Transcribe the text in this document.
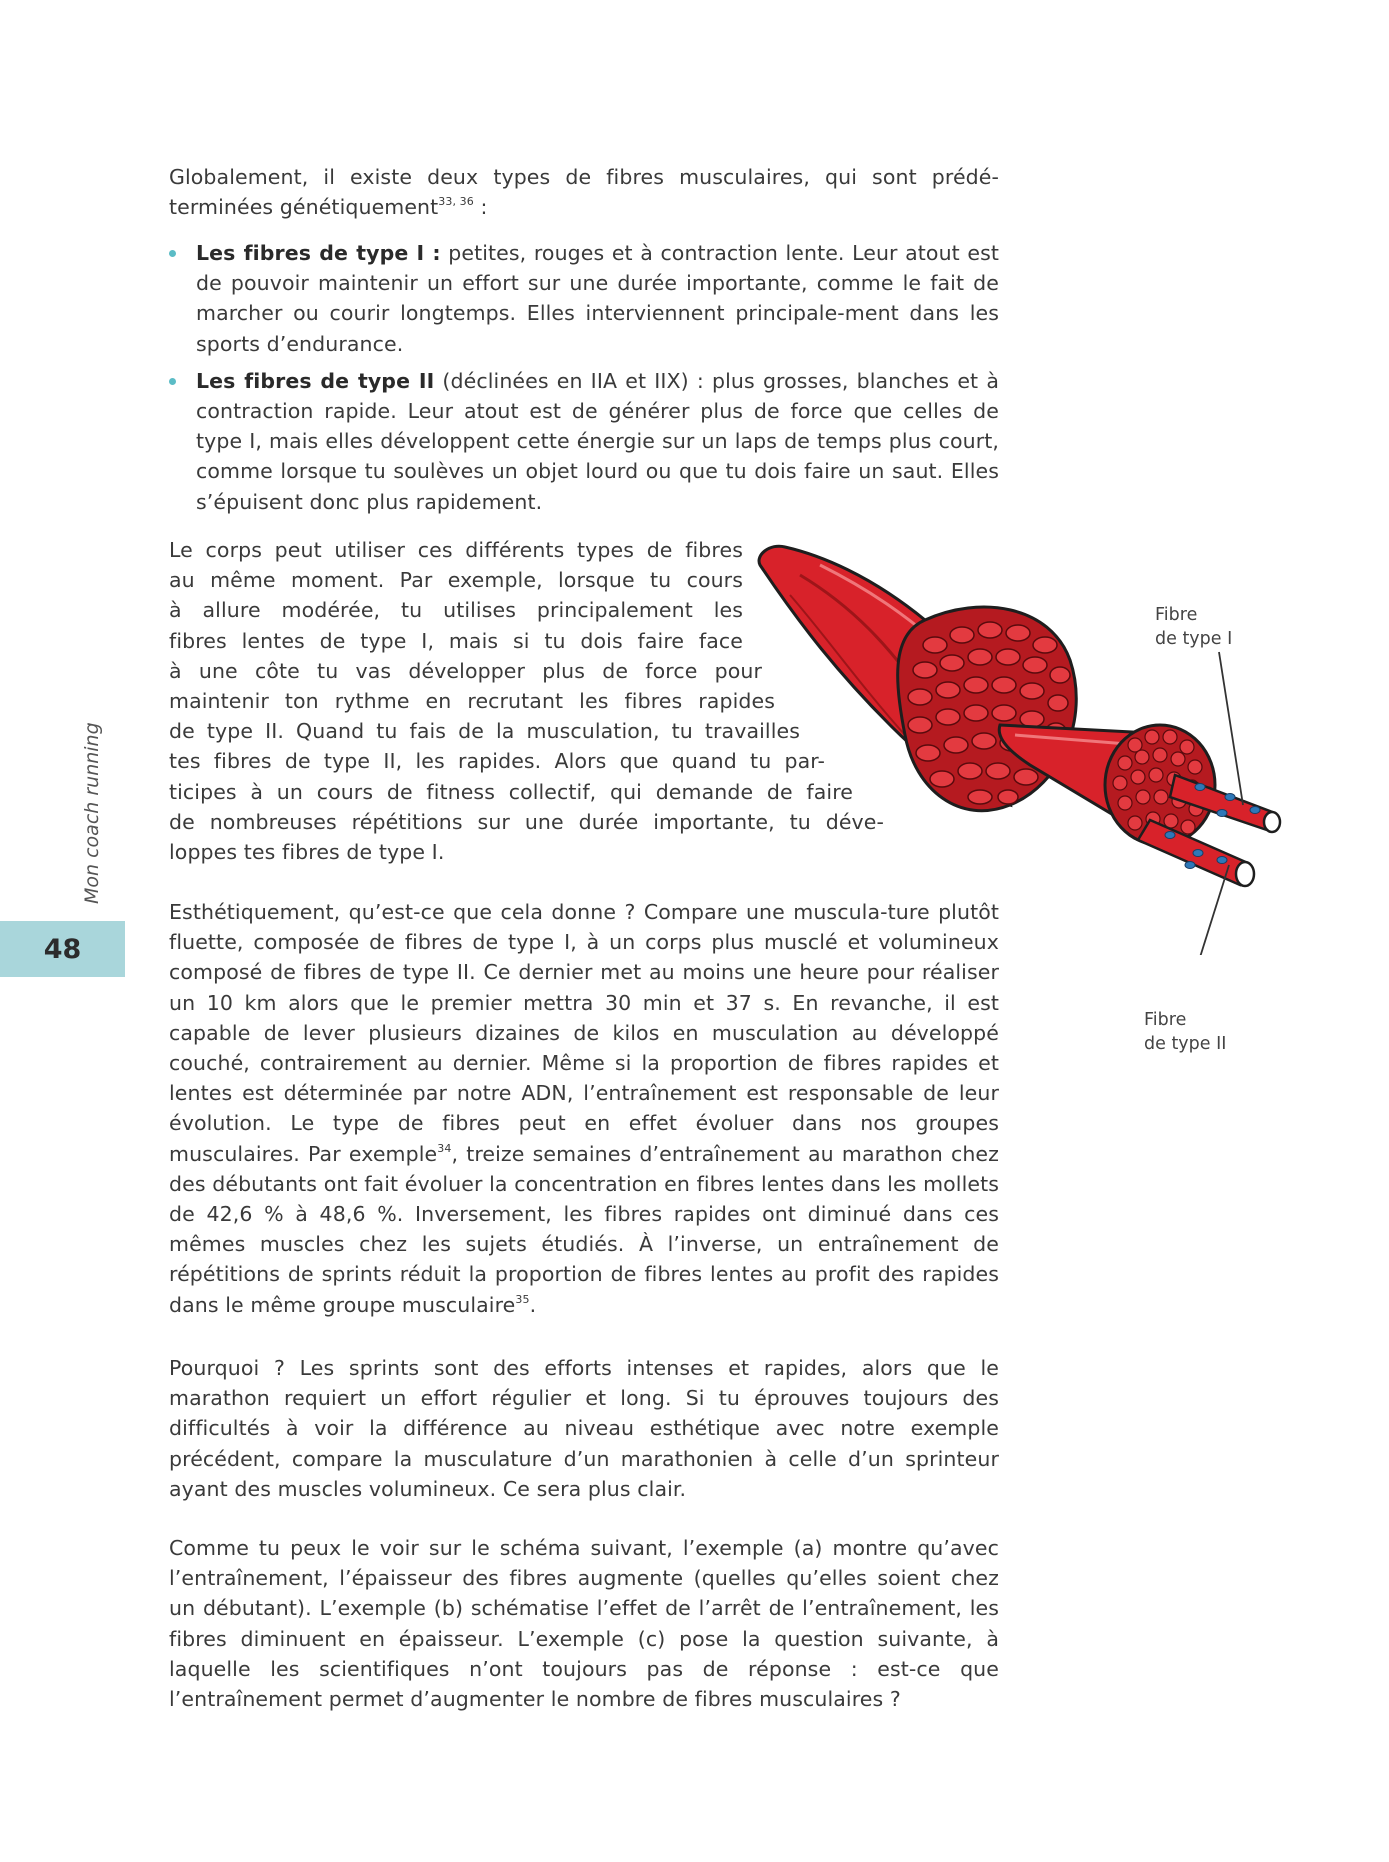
Mon coach running
48

Globalement, il existe deux types de fibres musculaires, qui sont prédé-terminées génétiquement$^{33, 36}$ :

Les fibres de type I : petites, rouges et à contraction lente. Leur atout est de pouvoir maintenir un effort sur une durée importante, comme le fait de marcher ou courir longtemps. Elles interviennent principale-ment dans les sports d’endurance.
Les fibres de type II (déclinées en IIA et IIX) : plus grosses, blanches et à contraction rapide. Leur atout est de générer plus de force que celles de type I, mais elles développent cette énergie sur un laps de temps plus court, comme lorsque tu soulèves un objet lourd ou que tu dois faire un saut. Elles s’épuisent donc plus rapidement.
Le corps peut utiliser ces différents types de fibres
au même moment. Par exemple, lorsque tu cours
à allure modérée, tu utilises principalement les
fibres lentes de type I, mais si tu dois faire face
à une côte tu vas développer plus de force pour
maintenir ton rythme en recrutant les fibres rapides
de type II. Quand tu fais de la musculation, tu travailles
tes fibres de type II, les rapides. Alors que quand tu par-
ticipes à un cours de fitness collectif, qui demande de faire
de nombreuses répétitions sur une durée importante, tu déve-
loppes tes fibres de type I.
Fibre
de type I
Fibre
de type II

Esthétiquement, qu’est-ce que cela donne ? Compare une muscula-ture plutôt fluette, composée de fibres de type I, à un corps plus musclé et volumineux composé de fibres de type II. Ce dernier met au moins une heure pour réaliser un 10 km alors que le premier mettra 30 min et 37 s. En revanche, il est capable de lever plusieurs dizaines de kilos en musculation au développé couché, contrairement au dernier. Même si la proportion de fibres rapides et lentes est déterminée par notre ADN, l’entraînement est responsable de leur évolution. Le type de fibres peut en effet évoluer dans nos groupes musculaires. Par exemple$^{34}$, treize semaines d’entraînement au marathon chez des débutants ont fait évoluer la concentration en fibres lentes dans les mollets de 42,6 % à 48,6 %. Inversement, les fibres rapides ont diminué dans ces mêmes muscles chez les sujets étudiés. À l’inverse, un entraînement de répétitions de sprints réduit la proportion de fibres lentes au profit des rapides dans le même groupe musculaire$^{35}$.

Pourquoi ? Les sprints sont des efforts intenses et rapides, alors que le marathon requiert un effort régulier et long. Si tu éprouves toujours des difficultés à voir la différence au niveau esthétique avec notre exemple précédent, compare la musculature d’un marathonien à celle d’un sprinteur ayant des muscles volumineux. Ce sera plus clair.

Comme tu peux le voir sur le schéma suivant, l’exemple (a) montre qu’avec l’entraînement, l’épaisseur des fibres augmente (quelles qu’elles soient chez un débutant). L’exemple (b) schématise l’effet de l’arrêt de l’entraînement, les fibres diminuent en épaisseur. L’exemple (c) pose la question suivante, à laquelle les scientifiques n’ont toujours pas de réponse : est-ce que l’entraînement permet d’augmenter le nombre de fibres musculaires ?
